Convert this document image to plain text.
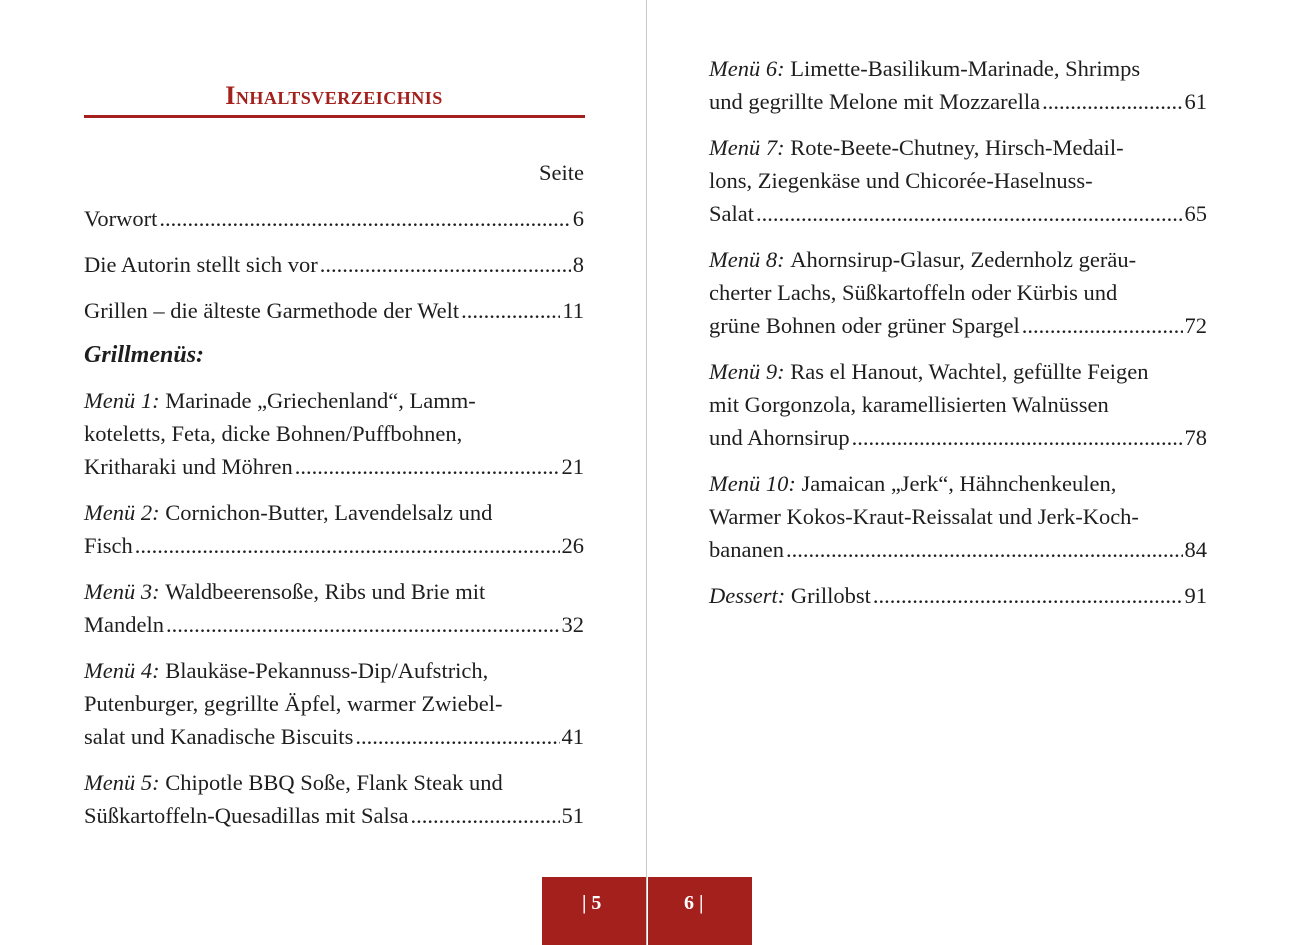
Inhaltsverzeichnis
Seite
Vorwort .....	6
Die Autorin stellt sich vor .....	8
Grillen – die älteste Garmethode der Welt .....	11
Grillmenüs:
Menü 1:
Marinade „Griechenland“, Lamm-
koteletts, Feta, dicke Bohnen/Puffbohnen,
Kritharaki und Möhren .....	21
Menü 2:
Cornichon-Butter, Lavendelsalz und
Fisch .....	26
Menü 3:
Waldbeerensoße, Ribs und Brie mit
Mandeln .....	32
Menü 4:
Blaukäse-Pekannuss-Dip/Aufstrich,
Putenburger, gegrillte Äpfel, warmer Zwiebel-
salat und Kanadische Biscuits .....	41
Menü 5:
Chipotle BBQ Soße, Flank Steak und
Süßkartoffeln-Quesadillas mit Salsa .....	51
Menü 6:
Limette-Basilikum-Marinade, Shrimps
und gegrillte Melone mit Mozzarella .....	61
Menü 7:
Rote-Beete-Chutney, Hirsch-Medail-
lons, Ziegenkäse und Chicorée-Haselnuss-
Salat .....	65
Menü 8:
Ahornsirup-Glasur, Zedernholz geräu-
cherter Lachs, Süßkartoffeln oder Kürbis und
grüne Bohnen oder grüner Spargel .....	72
Menü 9:
Ras el Hanout, Wachtel, gefüllte Feigen
mit Gorgonzola, karamellisierten Walnüssen
und Ahornsirup .....	78
Menü 10:
Jamaican „Jerk“, Hähnchenkeulen,
Warmer Kokos-Kraut-Reissalat und Jerk-Koch-
bananen .....	84
Dessert:
Grillobst .....	91
| 5	6 |
